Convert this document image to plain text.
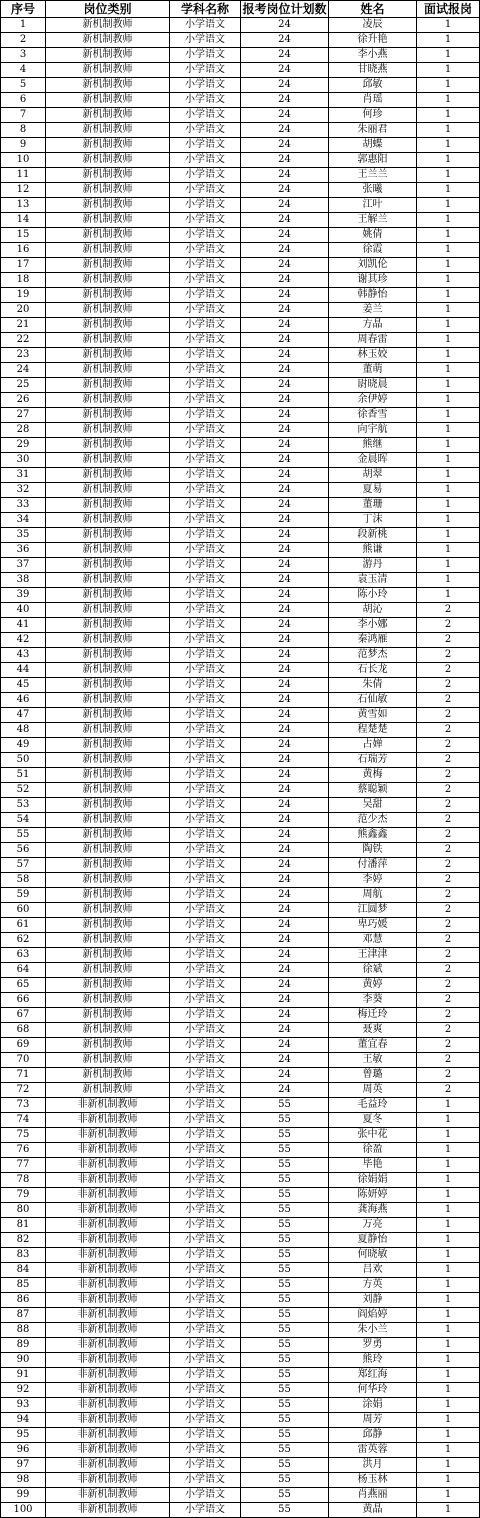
序号	岗位类别	学科名称	报考岗位计划数	姓名	面试报岗
1	新机制教师	小学语文	24	凌辰	1
2	新机制教师	小学语文	24	徐升艳	1
3	新机制教师	小学语文	24	李小燕	1
4	新机制教师	小学语文	24	甘晓燕	1
5	新机制教师	小学语文	24	邱敏	1
6	新机制教师	小学语文	24	肖瑶	1
7	新机制教师	小学语文	24	何珍	1
8	新机制教师	小学语文	24	朱丽君	1
9	新机制教师	小学语文	24	胡蝶	1
10	新机制教师	小学语文	24	郭惠阳	1
11	新机制教师	小学语文	24	王兰兰	1
12	新机制教师	小学语文	24	张曦	1
13	新机制教师	小学语文	24	江叶	1
14	新机制教师	小学语文	24	王解兰	1
15	新机制教师	小学语文	24	姚倩	1
16	新机制教师	小学语文	24	徐霞	1
17	新机制教师	小学语文	24	刘凯伦	1
18	新机制教师	小学语文	24	谢其珍	1
19	新机制教师	小学语文	24	韩静怡	1
20	新机制教师	小学语文	24	姜兰	1
21	新机制教师	小学语文	24	方晶	1
22	新机制教师	小学语文	24	周春雷	1
23	新机制教师	小学语文	24	林玉姣	1
24	新机制教师	小学语文	24	董萌	1
25	新机制教师	小学语文	24	尉晓晨	1
26	新机制教师	小学语文	24	余伊婷	1
27	新机制教师	小学语文	24	徐香雪	1
28	新机制教师	小学语文	24	向宇航	1
29	新机制教师	小学语文	24	熊继	1
30	新机制教师	小学语文	24	金晨晖	1
31	新机制教师	小学语文	24	胡翠	1
32	新机制教师	小学语文	24	夏易	1
33	新机制教师	小学语文	24	董珊	1
34	新机制教师	小学语文	24	丁沫	1
35	新机制教师	小学语文	24	段新桃	1
36	新机制教师	小学语文	24	熊谦	1
37	新机制教师	小学语文	24	游丹	1
38	新机制教师	小学语文	24	袁玉清	1
39	新机制教师	小学语文	24	陈小玲	1
40	新机制教师	小学语文	24	胡沁	2
41	新机制教师	小学语文	24	李小娜	2
42	新机制教师	小学语文	24	秦鸿雁	2
43	新机制教师	小学语文	24	范梦杰	2
44	新机制教师	小学语文	24	石长龙	2
45	新机制教师	小学语文	24	朱倩	2
46	新机制教师	小学语文	24	石仙敏	2
47	新机制教师	小学语文	24	黄雪如	2
48	新机制教师	小学语文	24	程楚楚	2
49	新机制教师	小学语文	24	占婵	2
50	新机制教师	小学语文	24	石瑞芳	2
51	新机制教师	小学语文	24	黄梅	2
52	新机制教师	小学语文	24	蔡聪颖	2
53	新机制教师	小学语文	24	吴甜	2
54	新机制教师	小学语文	24	范少杰	2
55	新机制教师	小学语文	24	熊鑫鑫	2
56	新机制教师	小学语文	24	陶铁	2
57	新机制教师	小学语文	24	付潘萍	2
58	新机制教师	小学语文	24	李婷	2
59	新机制教师	小学语文	24	周航	2
60	新机制教师	小学语文	24	江圆梦	2
61	新机制教师	小学语文	24	卑巧媛	2
62	新机制教师	小学语文	24	邓慧	2
63	新机制教师	小学语文	24	王津津	2
64	新机制教师	小学语文	24	徐斌	2
65	新机制教师	小学语文	24	黄婷	2
66	新机制教师	小学语文	24	李葵	2
67	新机制教师	小学语文	24	梅迁玲	2
68	新机制教师	小学语文	24	聂爽	2
69	新机制教师	小学语文	24	董宜春	2
70	新机制教师	小学语文	24	王敏	2
71	新机制教师	小学语文	24	曾璐	2
72	新机制教师	小学语文	24	周英	2
73	非新机制教师	小学语文	55	毛益玲	1
74	非新机制教师	小学语文	55	夏冬	1
75	非新机制教师	小学语文	55	张中花	1
76	非新机制教师	小学语文	55	徐盈	1
77	非新机制教师	小学语文	55	毕艳	1
78	非新机制教师	小学语文	55	徐娟娟	1
79	非新机制教师	小学语文	55	陈妍婷	1
80	非新机制教师	小学语文	55	龚海燕	1
81	非新机制教师	小学语文	55	万亮	1
82	非新机制教师	小学语文	55	夏静怡	1
83	非新机制教师	小学语文	55	何晓敏	1
84	非新机制教师	小学语文	55	吕欢	1
85	非新机制教师	小学语文	55	方英	1
86	非新机制教师	小学语文	55	刘静	1
87	非新机制教师	小学语文	55	阎焰婷	1
88	非新机制教师	小学语文	55	朱小兰	1
89	非新机制教师	小学语文	55	罗勇	1
90	非新机制教师	小学语文	55	熊玲	1
91	非新机制教师	小学语文	55	郑红海	1
92	非新机制教师	小学语文	55	何华玲	1
93	非新机制教师	小学语文	55	涂娟	1
94	非新机制教师	小学语文	55	周芳	1
95	非新机制教师	小学语文	55	邱静	1
96	非新机制教师	小学语文	55	雷英蓉	1
97	非新机制教师	小学语文	55	洪月	1
98	非新机制教师	小学语文	55	杨玉林	1
99	非新机制教师	小学语文	55	肖燕丽	1
100	非新机制教师	小学语文	55	黄晶	1
